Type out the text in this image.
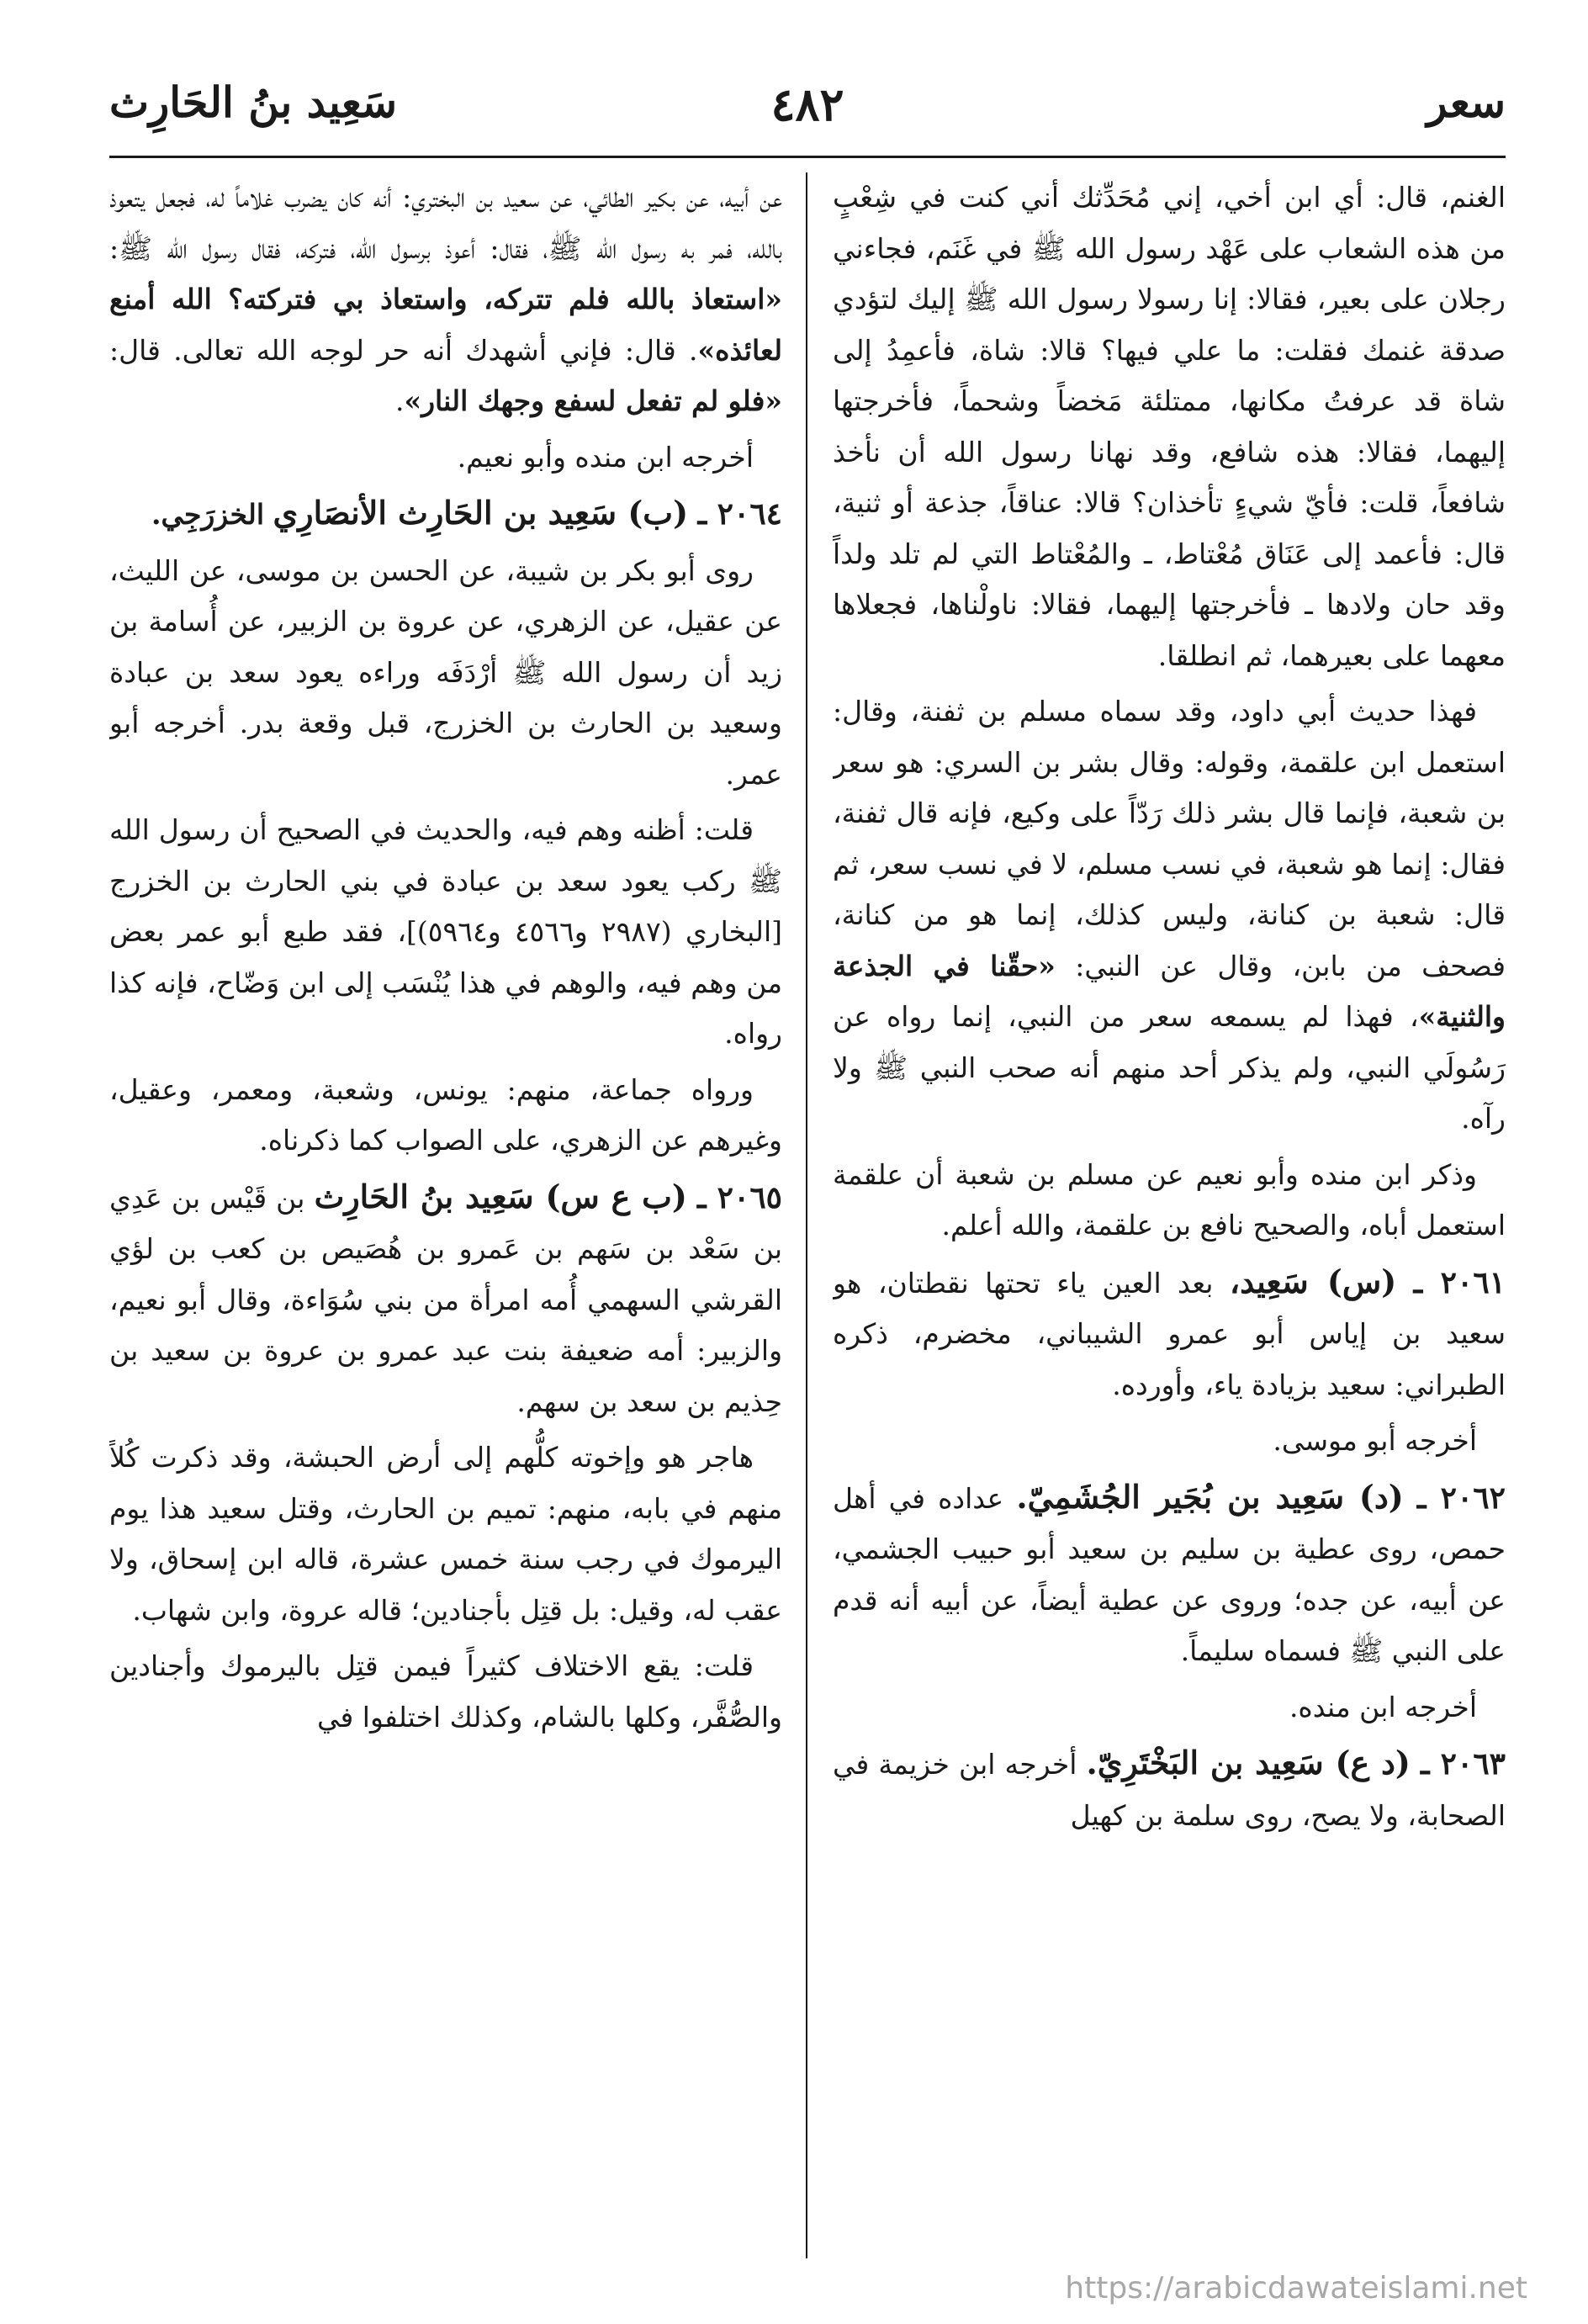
سعر
٤٨٢
سَعِيد بنُ الحَارِث

الغنم، قال: أي ابن أخي، إني مُحَدِّثك أني كنت في شِعْبٍ من هذه الشعاب على عَهْد رسول الله ﷺ في غَنَم، فجاءني رجلان على بعير، فقالا: إنا رسولا رسول الله ﷺ إليك لتؤدي صدقة غنمك فقلت: ما علي فيها؟ قالا: شاة، فأعمِدُ إلى شاة قد عرفتُ مكانها، ممتلئة مَخضاً وشحماً، فأخرجتها إليهما، فقالا: هذه شافع، وقد نهانا رسول الله أن نأخذ شافعاً، قلت: فأيّ شيءٍ تأخذان؟ قالا: عناقاً، جذعة أو ثنية، قال: فأعمد إلى عَنَاق مُعْتاط، ـ والمُعْتاط التي لم تلد ولداً وقد حان ولادها ـ فأخرجتها إليهما، فقالا: ناولْناها، فجعلاها معهما على بعيرهما، ثم انطلقا.

فهذا حديث أبي داود، وقد سماه مسلم بن ثفنة، وقال: استعمل ابن علقمة، وقوله: وقال بشر بن السري: هو سعر بن شعبة، فإنما قال بشر ذلك رَدّاً على وكيع، فإنه قال ثفنة، فقال: إنما هو شعبة، في نسب مسلم، لا في نسب سعر، ثم قال: شعبة بن كنانة، وليس كذلك، إنما هو من كنانة، فصحف من بابن، وقال عن النبي: «حقّنا في الجذعة والثنية»، فهذا لم يسمعه سعر من النبي، إنما رواه عن رَسُولَي النبي، ولم يذكر أحد منهم أنه صحب النبي ﷺ ولا رآه.

وذكر ابن منده وأبو نعيم عن مسلم بن شعبة أن علقمة استعمل أباه، والصحيح نافع بن علقمة، والله أعلم.

٢٠٦١ ـ (س) سَعِيد، بعد العين ياء تحتها نقطتان، هو سعيد بن إياس أبو عمرو الشيباني، مخضرم، ذكره الطبراني: سعيد بزيادة ياء، وأورده.

أخرجه أبو موسى.

٢٠٦٢ ـ (د) سَعِيد بن بُجَير الجُشَمِيّ. عداده في أهل حمص، روى عطية بن سليم بن سعيد أبو حبيب الجشمي، عن أبيه، عن جده؛ وروى عن عطية أيضاً، عن أبيه أنه قدم على النبي ﷺ فسماه سليماً.

أخرجه ابن منده.

٢٠٦٣ ـ (د ع) سَعِيد بن البَخْتَرِيّ. أخرجه ابن خزيمة في الصحابة، ولا يصح، روى سلمة بن كهيل

عن أبيه، عن بكير الطائي، عن سعيد بن البختري: أنه كان يضرب غلاماً له، فجعل يتعوذ بالله، فمر به رسول الله ﷺ، فقال: أعوذ برسول الله، فتركه، فقال رسول الله ﷺ: «استعاذ بالله فلم تتركه، واستعاذ بي فتركته؟ الله أمنع لعائذه». قال: فإني أشهدك أنه حر لوجه الله تعالى. قال: «فلو لم تفعل لسفع وجهك النار».

أخرجه ابن منده وأبو نعيم.

٢٠٦٤ ـ (ب) سَعِيد بن الحَارِث الأنصَارِي الخزرَجِي.

روى أبو بكر بن شيبة، عن الحسن بن موسى، عن الليث، عن عقيل، عن الزهري، عن عروة بن الزبير، عن أُسامة بن زيد أن رسول الله ﷺ أرْدَفَه وراءه يعود سعد بن عبادة وسعيد بن الحارث بن الخزرج، قبل وقعة بدر. أخرجه أبو عمر.

قلت: أظنه وهم فيه، والحديث في الصحيح أن رسول الله ﷺ ركب يعود سعد بن عبادة في بني الحارث بن الخزرج [البخاري (٢٩٨٧ و٤٥٦٦ و٥٩٦٤)]، فقد طبع أبو عمر بعض من وهم فيه، والوهم في هذا يُنْسَب إلى ابن وَضّاح، فإنه كذا رواه.

ورواه جماعة، منهم: يونس، وشعبة، ومعمر، وعقيل، وغيرهم عن الزهري، على الصواب كما ذكرناه.

٢٠٦٥ ـ (ب ع س) سَعِيد بنُ الحَارِث بن قَيْس بن عَدِي بن سَعْد بن سَهم بن عَمرو بن هُصَيص بن كعب بن لؤي القرشي السهمي أُمه امرأة من بني سُوَاءة، وقال أبو نعيم، والزبير: أمه ضعيفة بنت عبد عمرو بن عروة بن سعيد بن حِذيم بن سعد بن سهم.

هاجر هو وإخوته كلُّهم إلى أرض الحبشة، وقد ذكرت كُلاً منهم في بابه، منهم: تميم بن الحارث، وقتل سعيد هذا يوم اليرموك في رجب سنة خمس عشرة، قاله ابن إسحاق، ولا عقب له، وقيل: بل قتِل بأجنادين؛ قاله عروة، وابن شهاب.

قلت: يقع الاختلاف كثيراً فيمن قتِل باليرموك وأجنادين والصُّفَّر، وكلها بالشام، وكذلك اختلفوا في

https://arabicdawateislami.net
